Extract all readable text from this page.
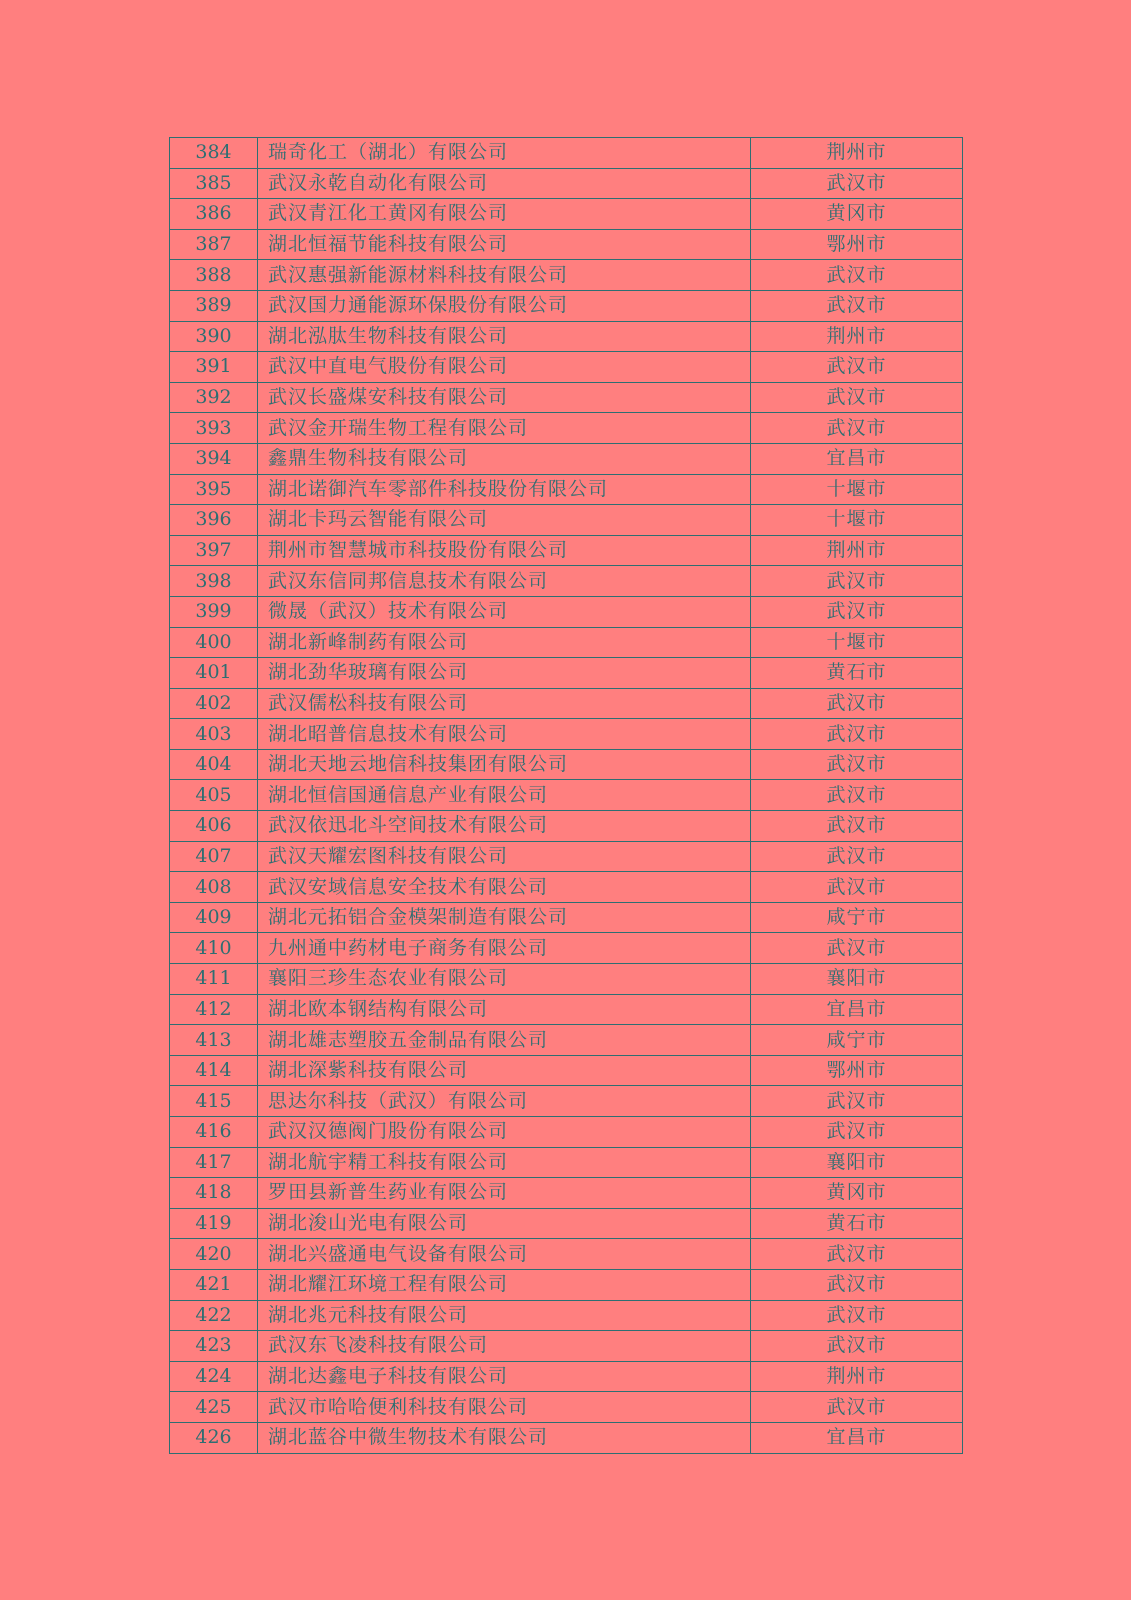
384	瑞奇化工（湖北）有限公司	荆州市
385	武汉永乾自动化有限公司	武汉市
386	武汉青江化工黄冈有限公司	黄冈市
387	湖北恒福节能科技有限公司	鄂州市
388	武汉惠强新能源材料科技有限公司	武汉市
389	武汉国力通能源环保股份有限公司	武汉市
390	湖北泓肽生物科技有限公司	荆州市
391	武汉中直电气股份有限公司	武汉市
392	武汉长盛煤安科技有限公司	武汉市
393	武汉金开瑞生物工程有限公司	武汉市
394	鑫鼎生物科技有限公司	宜昌市
395	湖北诺御汽车零部件科技股份有限公司	十堰市
396	湖北卡玛云智能有限公司	十堰市
397	荆州市智慧城市科技股份有限公司	荆州市
398	武汉东信同邦信息技术有限公司	武汉市
399	微晟（武汉）技术有限公司	武汉市
400	湖北新峰制药有限公司	十堰市
401	湖北劲华玻璃有限公司	黄石市
402	武汉儒松科技有限公司	武汉市
403	湖北昭普信息技术有限公司	武汉市
404	湖北天地云地信科技集团有限公司	武汉市
405	湖北恒信国通信息产业有限公司	武汉市
406	武汉依迅北斗空间技术有限公司	武汉市
407	武汉天耀宏图科技有限公司	武汉市
408	武汉安域信息安全技术有限公司	武汉市
409	湖北元拓铝合金模架制造有限公司	咸宁市
410	九州通中药材电子商务有限公司	武汉市
411	襄阳三珍生态农业有限公司	襄阳市
412	湖北欧本钢结构有限公司	宜昌市
413	湖北雄志塑胶五金制品有限公司	咸宁市
414	湖北深紫科技有限公司	鄂州市
415	思达尔科技（武汉）有限公司	武汉市
416	武汉汉德阀门股份有限公司	武汉市
417	湖北航宇精工科技有限公司	襄阳市
418	罗田县新普生药业有限公司	黄冈市
419	湖北浚山光电有限公司	黄石市
420	湖北兴盛通电气设备有限公司	武汉市
421	湖北耀江环境工程有限公司	武汉市
422	湖北兆元科技有限公司	武汉市
423	武汉东飞凌科技有限公司	武汉市
424	湖北达鑫电子科技有限公司	荆州市
425	武汉市哈哈便利科技有限公司	武汉市
426	湖北蓝谷中微生物技术有限公司	宜昌市
